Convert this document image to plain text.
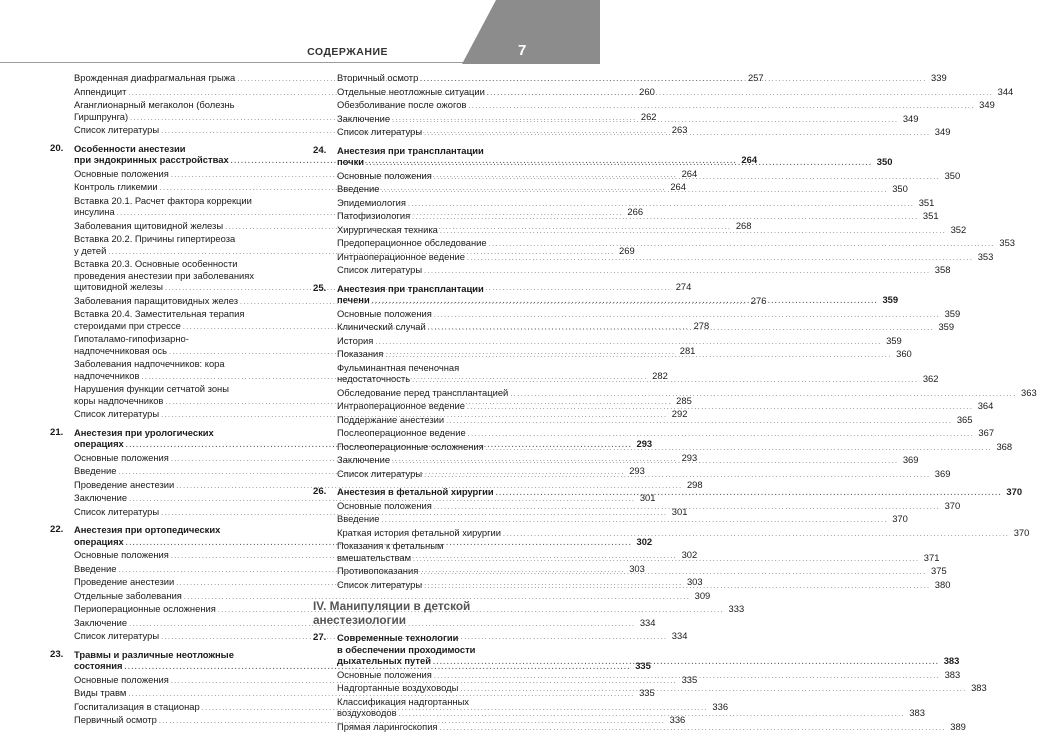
СОДЕРЖАНИЕ	7
Врожденная диафрагмальная грыжа .....	257
Аппендицит .....	260
Аганглионарный мегаколон (болезнь
Гиршпрунга) .....	262
Список литературы .....	263
20.	Особенности анестезии
при эндокринных расстройствах .....	264
Основные положения .....	264
Контроль гликемии .....	264
Вставка 20.1. Расчет фактора коррекции
инсулина .....	266
Заболевания щитовидной железы .....	268
Вставка 20.2. Причины гипертиреоза
у детей .....	269
Вставка 20.3. Основные особенности
проведения анестезии при заболеваниях
щитовидной железы .....	274
Заболевания паращитовидных желез .....	276
Вставка 20.4. Заместительная терапия
стероидами при стрессе .....	278
Гипоталамо-гипофизарно-
надпочечниковая ось .....	281
Заболевания надпочечников: кора
надпочечников .....	282
Нарушения функции сетчатой зоны
коры надпочечников .....	285
Список литературы .....	292
21.	Анестезия при урологических
операциях .....	293
Основные положения .....	293
Введение .....	293
Проведение анестезии .....	298
Заключение .....	301
Список литературы .....	301
22.	Анестезия при ортопедических
операциях .....	302
Основные положения .....	302
Введение .....	303
Проведение анестезии .....	303
Отдельные заболевания .....	309
Периоперационные осложнения .....	333
Заключение .....	334
Список литературы .....	334
23.	Травмы и различные неотложные
состояния .....	335
Основные положения .....	335
Виды травм .....	335
Госпитализация в стационар .....	336
Первичный осмотр .....	336
Вторичный осмотр .....	339
Отдельные неотложные ситуации .....	344
Обезболивание после ожогов .....	349
Заключение .....	349
Список литературы .....	349
24.	Анестезия при трансплантации
почки .....	350
Основные положения .....	350
Введение .....	350
Эпидемиология .....	351
Патофизиология .....	351
Хирургическая техника .....	352
Предоперационное обследование .....	353
Интраоперационное ведение .....	353
Список литературы .....	358
25.	Анестезия при трансплантации
печени .....	359
Основные положения .....	359
Клинический случай .....	359
История .....	359
Показания .....	360
Фульминантная печеночная
недостаточность .....	362
Обследование перед трансплантацией .....	363
Интраоперационное ведение .....	364
Поддержание анестезии .....	365
Послеоперационное ведение .....	367
Послеоперационные осложнения .....	368
Заключение .....	369
Список литературы .....	369
26.	Анестезия в фетальной хирургии .....	370
Основные положения .....	370
Введение .....	370
Краткая история фетальной хирургии .....	370
Показания к фетальным
вмешательствам .....	371
Противопоказания .....	375
Список литературы .....	380
IV. Манипуляции в детской
анестезиологии
27.	Современные технологии
в обеспечении проходимости
дыхательных путей .....	383
Основные положения .....	383
Надгортанные воздуховоды .....	383
Классификация надгортанных
воздуховодов .....	383
Прямая ларингоскопия .....	389
